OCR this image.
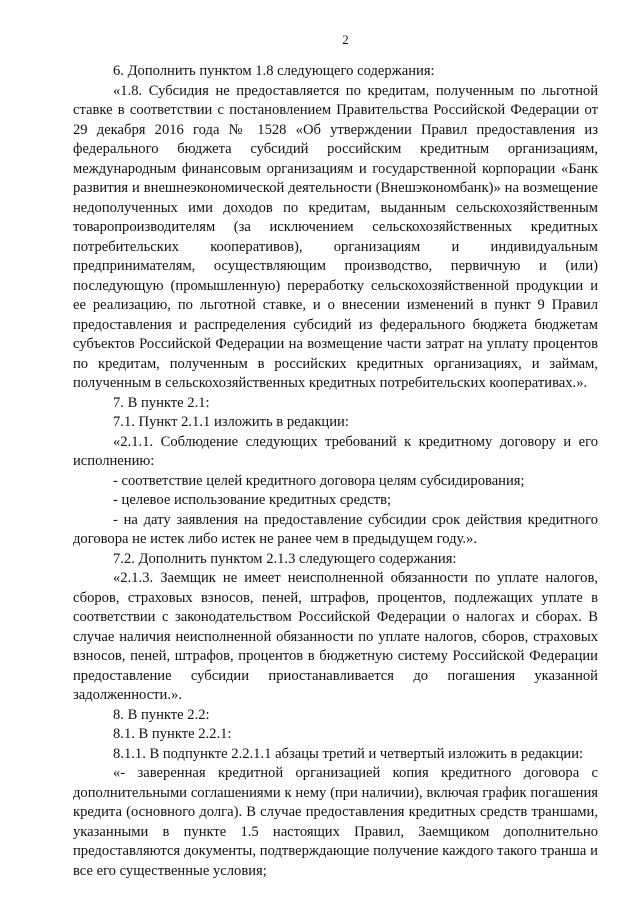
2

6. Дополнить пунктом 1.8 следующего содержания:

«1.8. Субсидия не предоставляется по кредитам, полученным по льготной ставке в соответствии с постановлением Правительства Российской Федерации от 29 декабря 2016 года № 1528 «Об утверждении Правил предоставления из федерального бюджета субсидий российским кредитным организациям, международным финансовым организациям и государственной корпорации «Банк развития и внешнеэкономической деятельности (Внешэкономбанк)» на возмещение недополученных ими доходов по кредитам, выданным сельскохозяйственным товаропроизводителям (за исключением сельскохозяйственных кредитных потребительских кооперативов), организациям и индивидуальным предпринимателям, осуществляющим производство, первичную и (или) последующую (промышленную) переработку сельскохозяйственной продукции и ее реализацию, по льготной ставке, и о внесении изменений в пункт 9 Правил предоставления и распределения субсидий из федерального бюджета бюджетам субъектов Российской Федерации на возмещение части затрат на уплату процентов по кредитам, полученным в российских кредитных организациях, и займам, полученным в сельскохозяйственных кредитных потребительских кооперативах.».

7. В пункте 2.1:

7.1. Пункт 2.1.1 изложить в редакции:

«2.1.1. Соблюдение следующих требований к кредитному договору и его исполнению:

- соответствие целей кредитного договора целям субсидирования;

- целевое использование кредитных средств;

- на дату заявления на предоставление субсидии срок действия кредитного договора не истек либо истек не ранее чем в предыдущем году.».

7.2. Дополнить пунктом 2.1.3 следующего содержания:

«2.1.3. Заемщик не имеет неисполненной обязанности по уплате налогов, сборов, страховых взносов, пеней, штрафов, процентов, подлежащих уплате в соответствии с законодательством Российской Федерации о налогах и сборах. В случае наличия неисполненной обязанности по уплате налогов, сборов, страховых взносов, пеней, штрафов, процентов в бюджетную систему Российской Федерации предоставление субсидии приостанавливается до погашения указанной задолженности.».

8. В пункте 2.2:

8.1. В пункте 2.2.1:

8.1.1. В подпункте 2.2.1.1 абзацы третий и четвертый изложить в редакции:

«- заверенная кредитной организацией копия кредитного договора с дополнительными соглашениями к нему (при наличии), включая график погашения кредита (основного долга). В случае предоставления кредитных средств траншами, указанными в пункте 1.5 настоящих Правил, Заемщиком дополнительно предоставляются документы, подтверждающие получение каждого такого транша и все его существенные условия;
